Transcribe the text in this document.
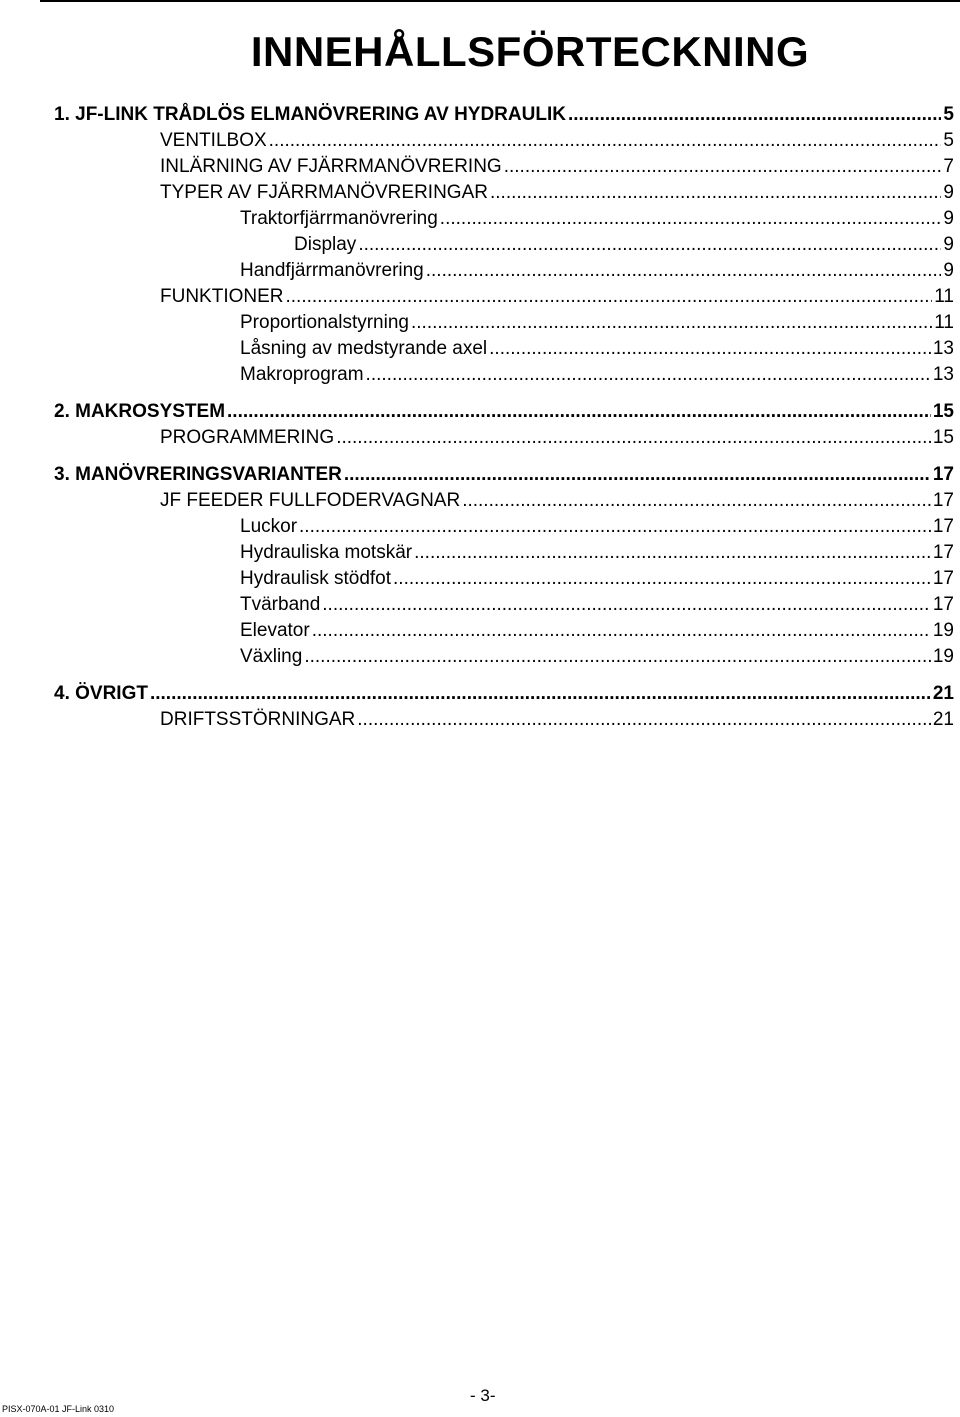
INNEHÅLLSFÖRTECKNING
1. JF-LINK TRÅDLÖS ELMANÖVRERING AV HYDRAULIK .....	5
VENTILBOX .....	5
INLÄRNING AV FJÄRRMANÖVRERING .....	7
TYPER AV FJÄRRMANÖVRERINGAR .....	9
Traktorfjärrmanövrering .....	9
Display .....	9
Handfjärrmanövrering .....	9
FUNKTIONER .....	11
Proportionalstyrning .....	11
Låsning av medstyrande axel .....	13
Makroprogram .....	13
2. MAKROSYSTEM .....	15
PROGRAMMERING .....	15
3. MANÖVRERINGSVARIANTER .....	17
JF FEEDER FULLFODERVAGNAR .....	17
Luckor .....	17
Hydrauliska motskär .....	17
Hydraulisk stödfot .....	17
Tvärband .....	17
Elevator .....	19
Växling .....	19
4. ÖVRIGT .....	21
DRIFTSSTÖRNINGAR .....	21
- 3-
PISX-070A-01 JF-Link 0310
